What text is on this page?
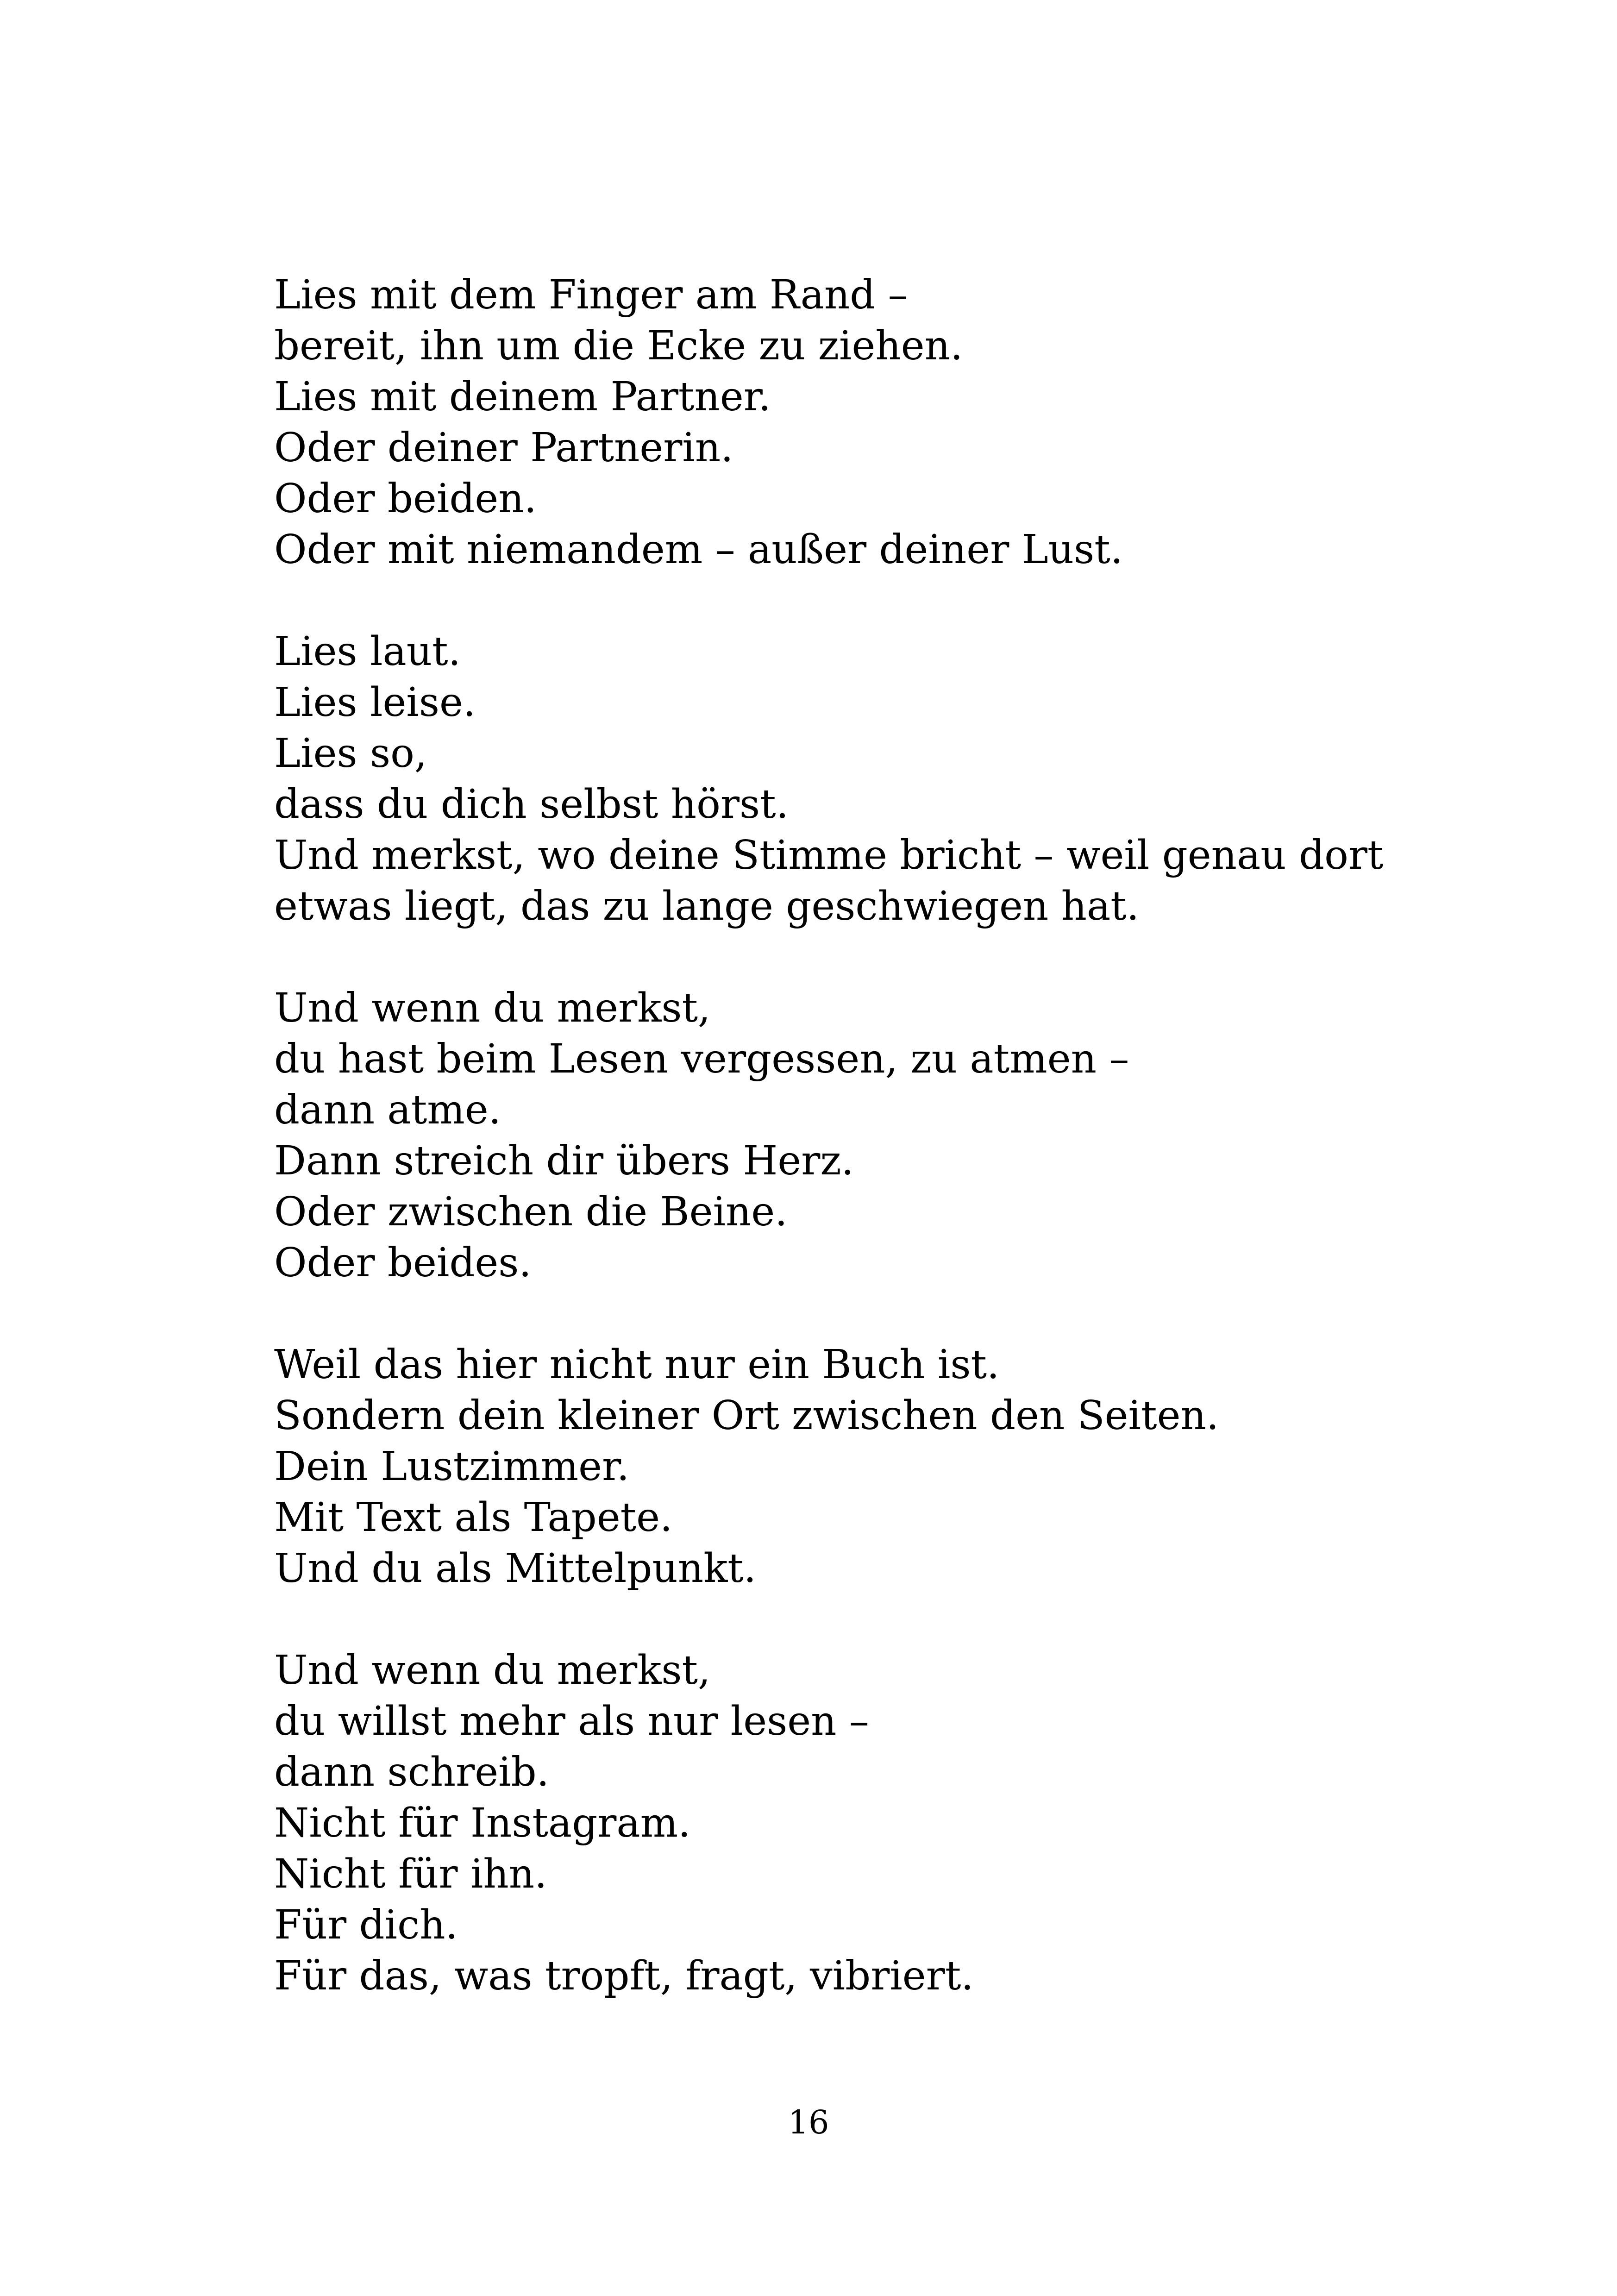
Lies mit dem Finger am Rand –
bereit, ihn um die Ecke zu ziehen.
Lies mit deinem Partner.
Oder deiner Partnerin.
Oder beiden.
Oder mit niemandem – außer deiner Lust.
Lies laut.
Lies leise.
Lies so,
dass du dich selbst hörst.
Und merkst, wo deine Stimme bricht – weil genau dort
etwas liegt, das zu lange geschwiegen hat.
Und wenn du merkst,
du hast beim Lesen vergessen, zu atmen –
dann atme.
Dann streich dir übers Herz.
Oder zwischen die Beine.
Oder beides.
Weil das hier nicht nur ein Buch ist.
Sondern dein kleiner Ort zwischen den Seiten.
Dein Lustzimmer.
Mit Text als Tapete.
Und du als Mittelpunkt.
Und wenn du merkst,
du willst mehr als nur lesen –
dann schreib.
Nicht für Instagram.
Nicht für ihn.
Für dich.
Für das, was tropft, fragt, vibriert.
16
